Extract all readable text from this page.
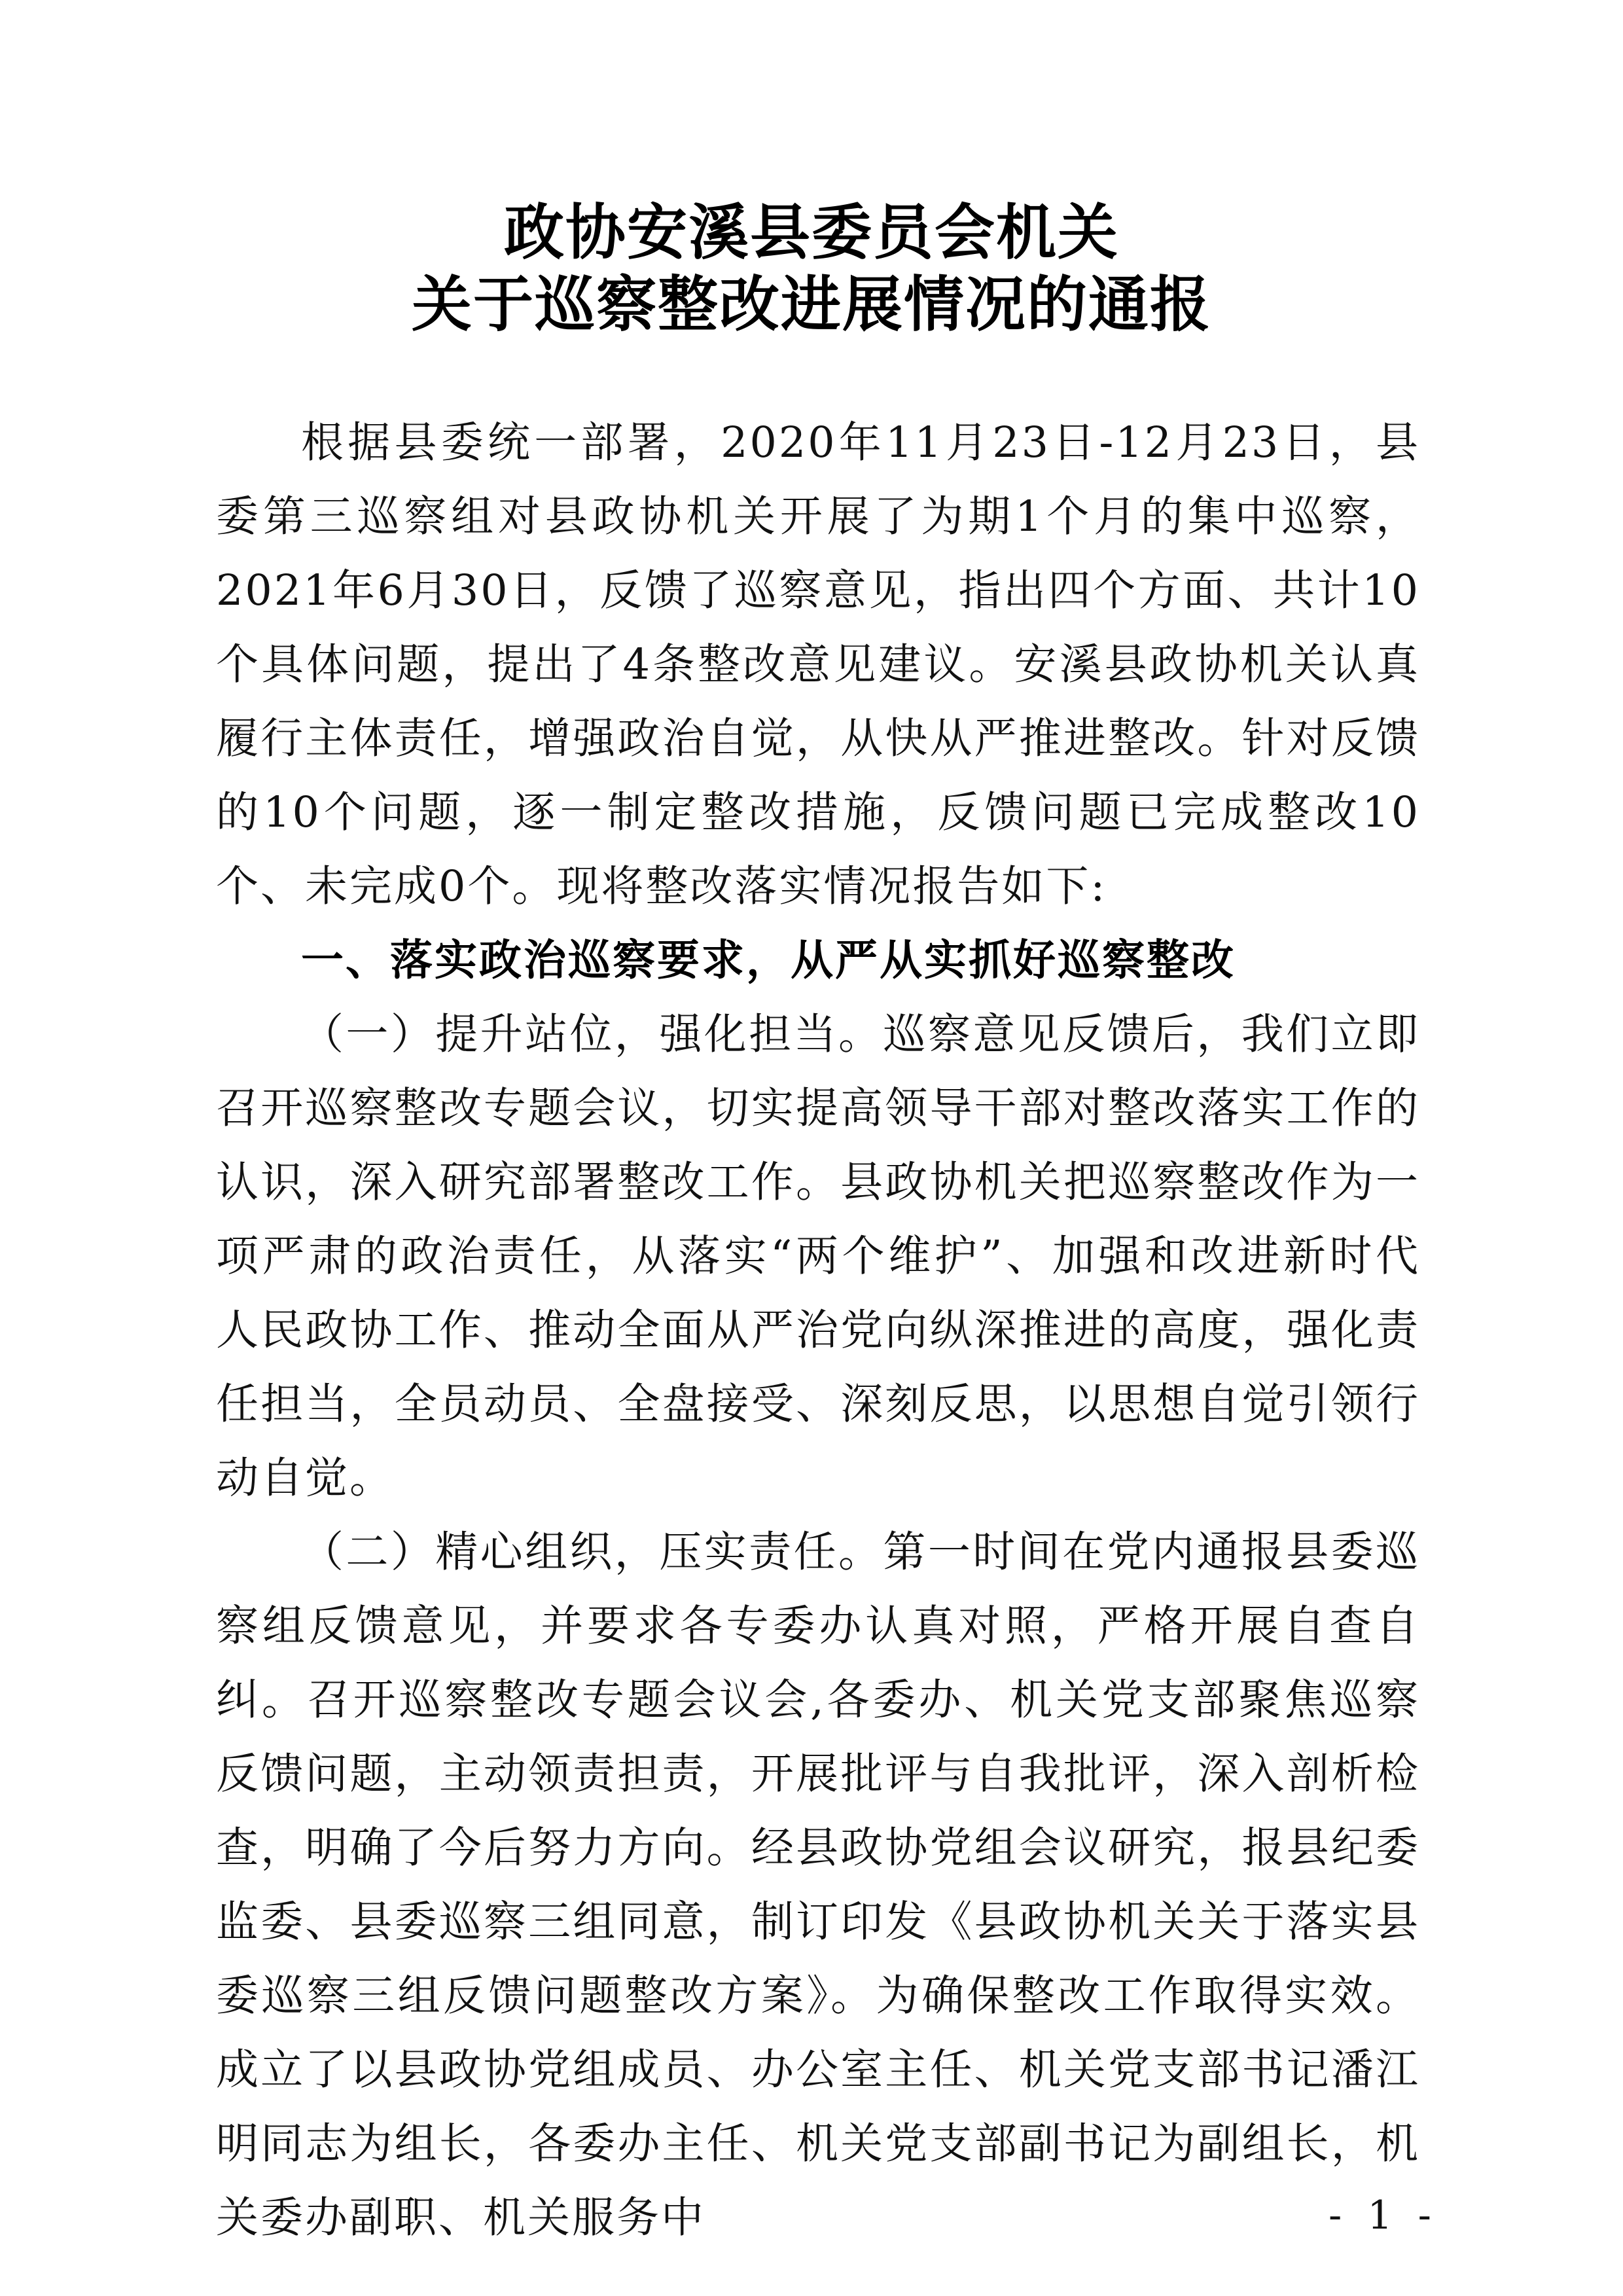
政协安溪县委员会机关
关于巡察整改进展情况的通报

根据县委统一部署，2020年11月23日-12月23日，县委第三巡察组对县政协机关开展了为期1个月的集中巡察，2021年6月30日，反馈了巡察意见，指出四个方面、共计10个具体问题，提出了4条整改意见建议。安溪县政协机关认真履行主体责任，增强政治自觉，从快从严推进整改。针对反馈的10个问题，逐一制定整改措施，反馈问题已完成整改10个、未完成0个。现将整改落实情况报告如下:

一、落实政治巡察要求，从严从实抓好巡察整改

（一）提升站位，强化担当。巡察意见反馈后，我们立即召开巡察整改专题会议，切实提高领导干部对整改落实工作的认识，深入研究部署整改工作。县政协机关把巡察整改作为一项严肃的政治责任，从落实“两个维护”、加强和改进新时代人民政协工作、推动全面从严治党向纵深推进的高度，强化责任担当，全员动员、全盘接受、深刻反思，以思想自觉引领行动自觉。

（二）精心组织，压实责任。第一时间在党内通报县委巡察组反馈意见，并要求各专委办认真对照，严格开展自查自纠。召开巡察整改专题会议会,各委办、机关党支部聚焦巡察反馈问题，主动领责担责，开展批评与自我批评，深入剖析检查，明确了今后努力方向。经县政协党组会议研究，报县纪委监委、县委巡察三组同意，制订印发《县政协机关关于落实县委巡察三组反馈问题整改方案》。为确保整改工作取得实效。成立了以县政协党组成员、办公室主任、机关党支部书记潘江明同志为组长，各委办主任、机关党支部副书记为副组长，机关委办副职、机关服务中	- 1 -
